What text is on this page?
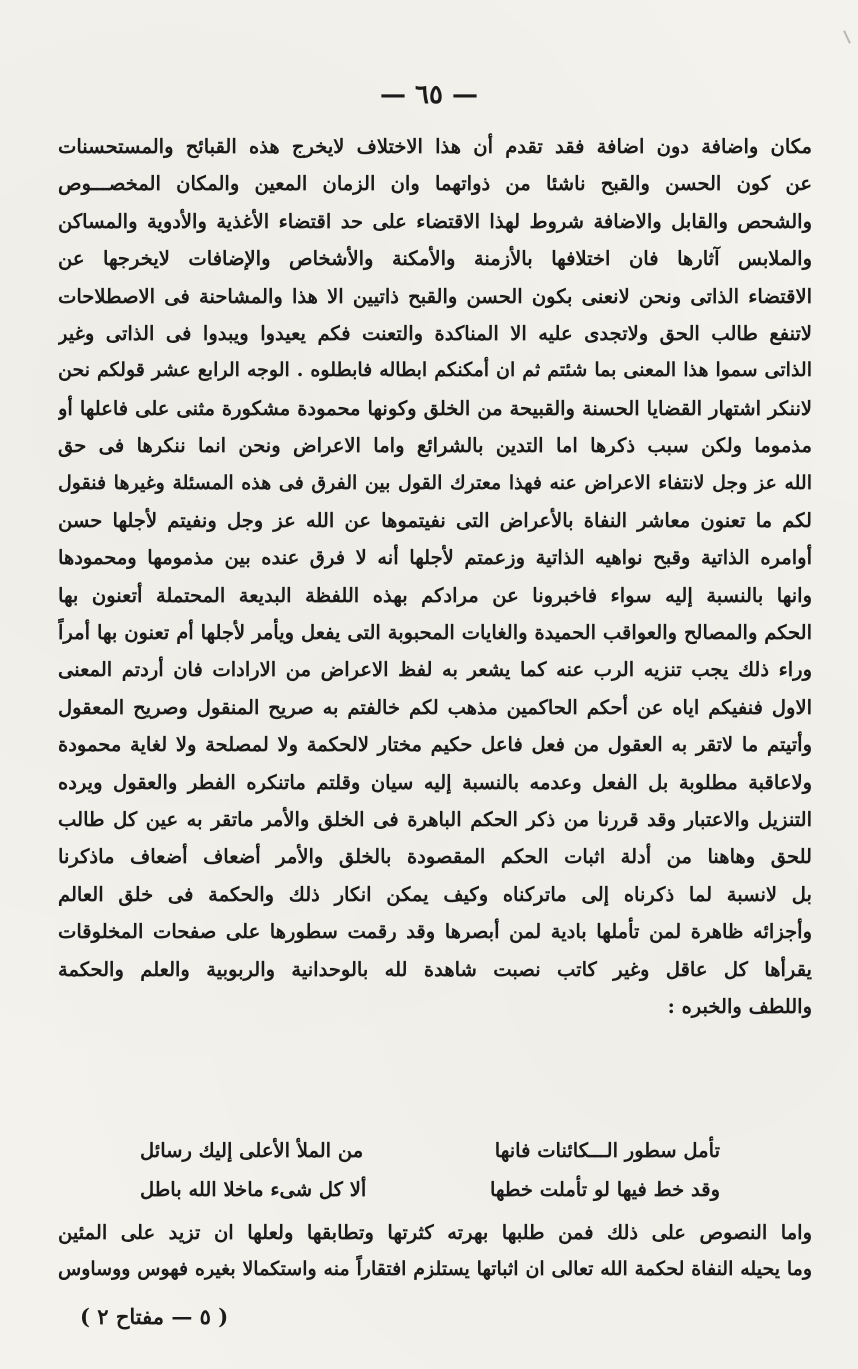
— ٦٥ —
مكان واضافة دون اضافة فقد تقدم أن هذا الاختلاف لايخرج هذه القبائح والمستحسنات
عن كون الحسن والقبح ناشئا من ذواتهما وان الزمان المعين والمكان المخصـــوص
والشحص والقابل والاضافة شروط لهذا الاقتضاء على حد اقتضاء الأغذية والأدوية والمساكن
والملابس آثارها فان اختلافها بالأزمنة والأمكنة والأشخاص والإضافات لايخرجها عن
الاقتضاء الذاتى ونحن لانعنى بكون الحسن والقبح ذاتيين الا هذا والمشاحنة فى الاصطلاحات
لاتنفع طالب الحق ولاتجدى عليه الا المناكدة والتعنت فكم يعيدوا ويبدوا فى الذاتى وغير
الذاتى سموا هذا المعنى بما شئتم ثم ان أمكنكم ابطاله فابطلوه . الوجه الرابع عشر قولكم نحن
لاننكر اشتهار القضايا الحسنة والقبيحة من الخلق وكونها محمودة مشكورة مثنى على فاعلها أو
مذموما ولكن سبب ذكرها اما التدين بالشرائع واما الاعراض ونحن انما ننكرها فى حق
الله عز وجل لانتفاء الاعراض عنه فهذا معترك القول بين الفرق فى هذه المسئلة وغيرها فنقول
لكم ما تعنون معاشر النفاة بالأعراض التى نفيتموها عن الله عز وجل ونفيتم لأجلها حسن
أوامره الذاتية وقبح نواهيه الذاتية وزعمتم لأجلها أنه لا فرق عنده بين مذمومها ومحمودها
وانها بالنسبة إليه سواء فاخبرونا عن مرادكم بهذه اللفظة البديعة المحتملة أتعنون بها
الحكم والمصالح والعواقب الحميدة والغايات المحبوبة التى يفعل ويأمر لأجلها أم تعنون بها أمراً
وراء ذلك يجب تنزيه الرب عنه كما يشعر به لفظ الاعراض من الارادات فان أردتم المعنى
الاول فنفيكم اياه عن أحكم الحاكمين مذهب لكم خالفتم به صريح المنقول وصريح المعقول
وأتيتم ما لاتقر به العقول من فعل فاعل حكيم مختار لالحكمة ولا لمصلحة ولا لغاية محمودة
ولاعاقبة مطلوبة بل الفعل وعدمه بالنسبة إليه سيان وقلتم ماتنكره الفطر والعقول ويرده
التنزيل والاعتبار وقد قررنا من ذكر الحكم الباهرة فى الخلق والأمر ماتقر به عين كل طالب
للحق وهاهنا من أدلة اثبات الحكم المقصودة بالخلق والأمر أضعاف أضعاف ماذكرنا
بل لانسبة لما ذكرناه إلى ماتركناه وكيف يمكن انكار ذلك والحكمة فى خلق العالم
وأجزائه ظاهرة لمن تأملها بادية لمن أبصرها وقد رقمت سطورها على صفحات المخلوقات
يقرأها كل عاقل وغير كاتب نصبت شاهدة لله بالوحدانية والربوبية والعلم والحكمة
واللطف والخبره :
تأمل سطور الـــكائنات فانها
من الملأ الأعلى إليك رسائل
وقد خط فيها لو تأملت خطها
ألا كل شىء ماخلا الله باطل
واما النصوص على ذلك فمن طلبها بهرته كثرتها وتطابقها ولعلها ان تزيد على المئين
وما يحيله النفاة لحكمة الله تعالى ان اثباتها يستلزم افتقاراً منه واستكمالا بغيره فهوس ووساوس
( ٥ — مفتاح ٢ )
